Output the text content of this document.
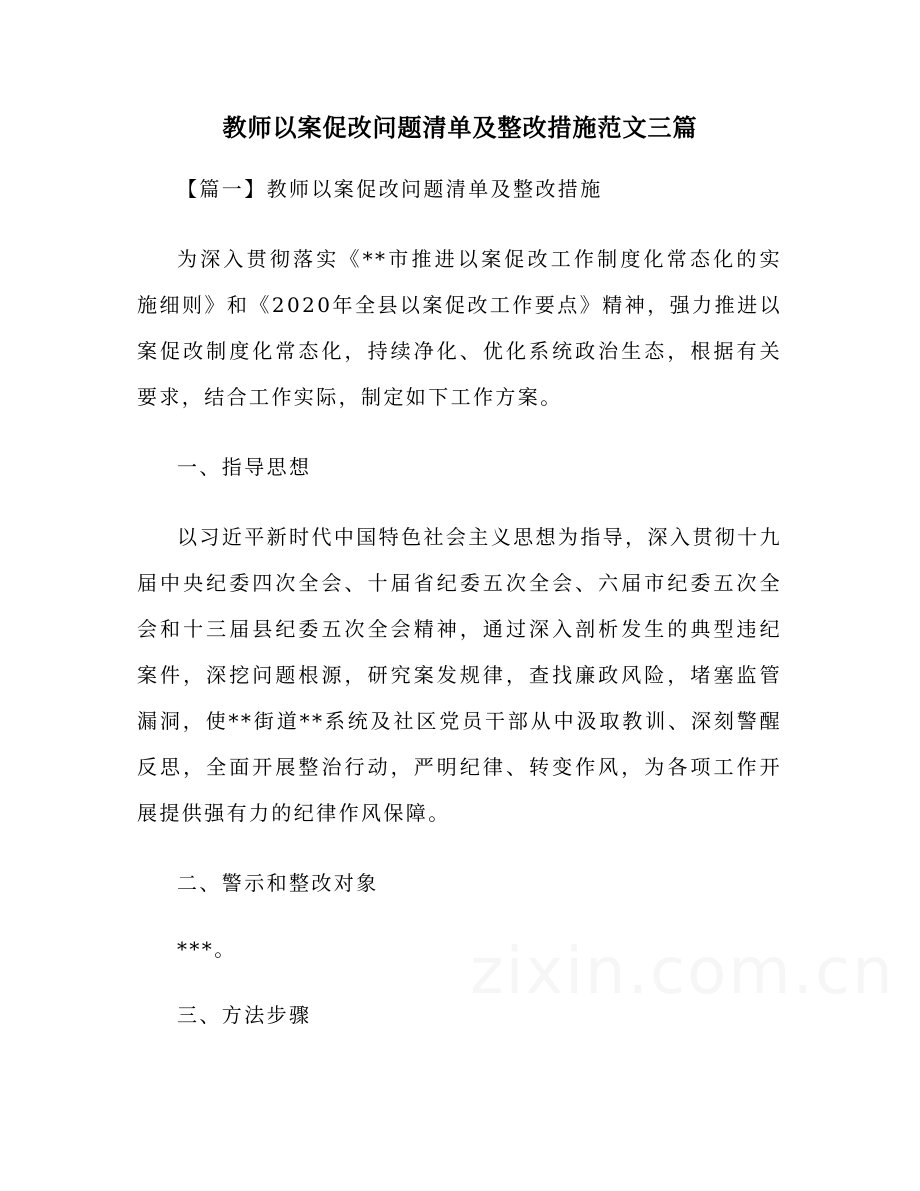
教师以案促改问题清单及整改措施范文三篇

【篇一】教师以案促改问题清单及整改措施

为深入贯彻落实《**市推进以案促改工作制度化常态化的实施细则》和《2020年全县以案促改工作要点》精神，强力推进以案促改制度化常态化，持续净化、优化系统政治生态，根据有关要求，结合工作实际，制定如下工作方案。

一、指导思想

以习近平新时代中国特色社会主义思想为指导，深入贯彻十九届中央纪委四次全会、十届省纪委五次全会、六届市纪委五次全会和十三届县纪委五次全会精神，通过深入剖析发生的典型违纪案件，深挖问题根源，研究案发规律，查找廉政风险，堵塞监管漏洞，使**街道**系统及社区党员干部从中汲取教训、深刻警醒反思，全面开展整治行动，严明纪律、转变作风，为各项工作开展提供强有力的纪律作风保障。

二、警示和整改对象

***。

三、方法步骤
